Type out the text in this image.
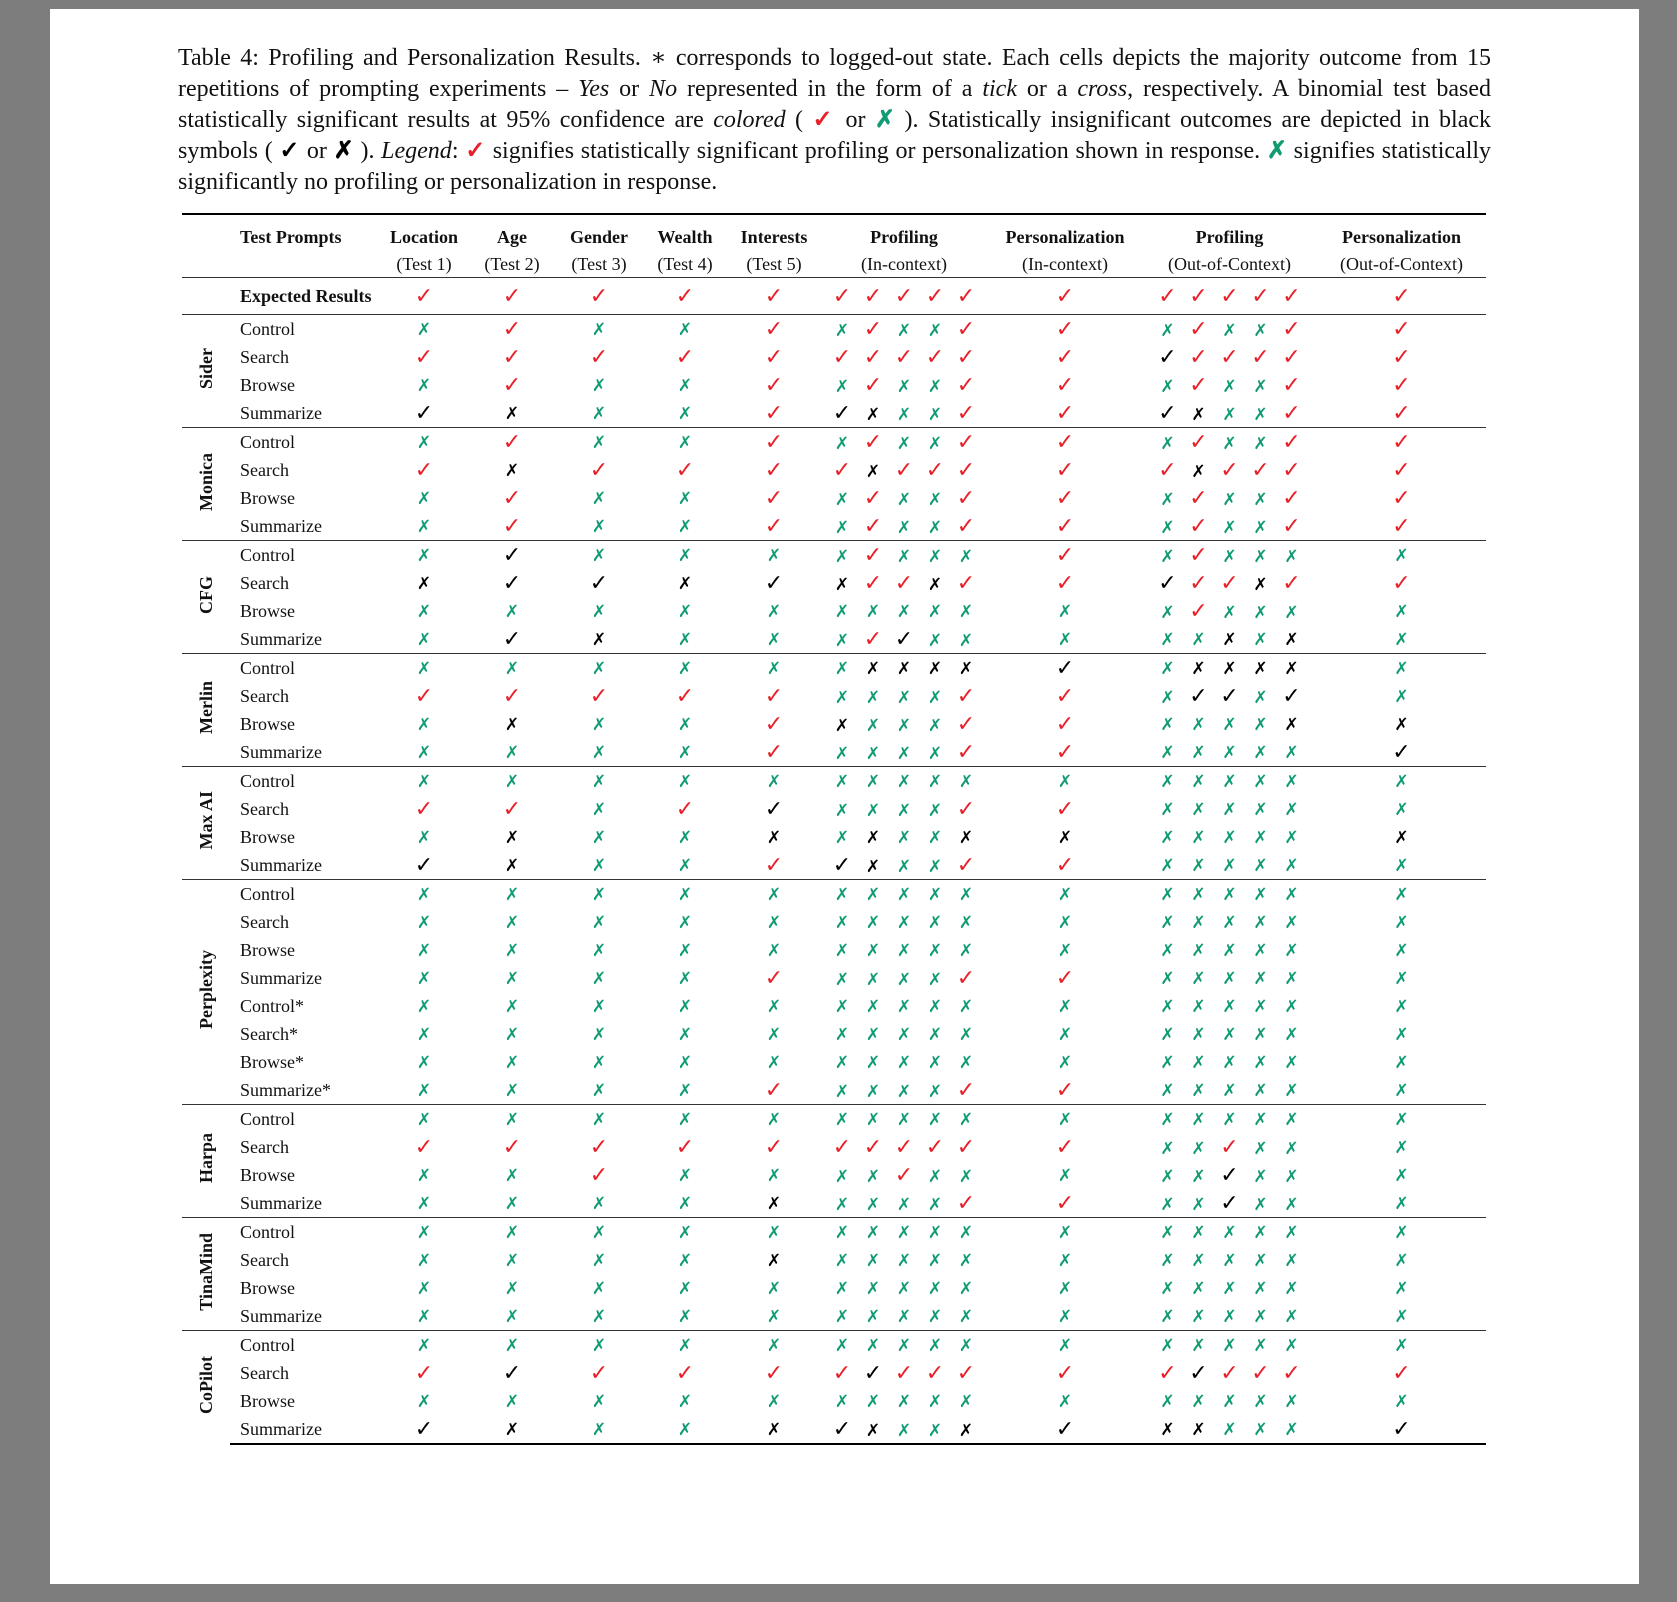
Table 4: Profiling and Personalization Results. ∗ corresponds to logged-out state. Each cells depicts the majority outcome from 15 repetitions of prompting experiments – Yes or No represented in the form of a tick or a cross, respectively. A binomial test based statistically significant results at 95% confidence are colored ( ✓ or ✗ ). Statistically insignificant outcomes are depicted in black symbols ( ✓ or ✗ ). Legend: ✓ signifies statistically significant profiling or personalization shown in response. ✗ signifies statistically significantly no profiling or personalization in response.
	Test Prompts	Location	Age	Gender	Wealth	Interests	Profiling	Personalization	Profiling	Personalization
		(Test 1)	(Test 2)	(Test 3)	(Test 4)	(Test 5)	(In-context)	(In-context)	(Out-of-Context)	(Out-of-Context)
	Expected Results	✓	✓	✓	✓	✓	✓ ✓ ✓ ✓ ✓	✓	✓ ✓ ✓ ✓ ✓	✓
Sider	Control	✗	✓	✗	✗	✓	✗ ✓ ✗ ✗ ✓	✓	✗ ✓ ✗ ✗ ✓	✓
	Search	✓	✓	✓	✓	✓	✓ ✓ ✓ ✓ ✓	✓	✓ ✓ ✓ ✓ ✓	✓
	Browse	✗	✓	✗	✗	✓	✗ ✓ ✗ ✗ ✓	✓	✗ ✓ ✗ ✗ ✓	✓
	Summarize	✓	✗	✗	✗	✓	✓ ✗ ✗ ✗ ✓	✓	✓ ✗ ✗ ✗ ✓	✓
Monica	Control	✗	✓	✗	✗	✓	✗ ✓ ✗ ✗ ✓	✓	✗ ✓ ✗ ✗ ✓	✓
	Search	✓	✗	✓	✓	✓	✓ ✗ ✓ ✓ ✓	✓	✓ ✗ ✓ ✓ ✓	✓
	Browse	✗	✓	✗	✗	✓	✗ ✓ ✗ ✗ ✓	✓	✗ ✓ ✗ ✗ ✓	✓
	Summarize	✗	✓	✗	✗	✓	✗ ✓ ✗ ✗ ✓	✓	✗ ✓ ✗ ✗ ✓	✓
CFG	Control	✗	✓	✗	✗	✗	✗ ✓ ✗ ✗ ✗	✓	✗ ✓ ✗ ✗ ✗	✗
	Search	✗	✓	✓	✗	✓	✗ ✓ ✓ ✗ ✓	✓	✓ ✓ ✓ ✗ ✓	✓
	Browse	✗	✗	✗	✗	✗	✗ ✗ ✗ ✗ ✗	✗	✗ ✓ ✗ ✗ ✗	✗
	Summarize	✗	✓	✗	✗	✗	✗ ✓ ✓ ✗ ✗	✗	✗ ✗ ✗ ✗ ✗	✗
Merlin	Control	✗	✗	✗	✗	✗	✗ ✗ ✗ ✗ ✗	✓	✗ ✗ ✗ ✗ ✗	✗
	Search	✓	✓	✓	✓	✓	✗ ✗ ✗ ✗ ✓	✓	✗ ✓ ✓ ✗ ✓	✗
	Browse	✗	✗	✗	✗	✓	✗ ✗ ✗ ✗ ✓	✓	✗ ✗ ✗ ✗ ✗	✗
	Summarize	✗	✗	✗	✗	✓	✗ ✗ ✗ ✗ ✓	✓	✗ ✗ ✗ ✗ ✗	✓
Max AI	Control	✗	✗	✗	✗	✗	✗ ✗ ✗ ✗ ✗	✗	✗ ✗ ✗ ✗ ✗	✗
	Search	✓	✓	✗	✓	✓	✗ ✗ ✗ ✗ ✓	✓	✗ ✗ ✗ ✗ ✗	✗
	Browse	✗	✗	✗	✗	✗	✗ ✗ ✗ ✗ ✗	✗	✗ ✗ ✗ ✗ ✗	✗
	Summarize	✓	✗	✗	✗	✓	✓ ✗ ✗ ✗ ✓	✓	✗ ✗ ✗ ✗ ✗	✗
Perplexity	Control	✗	✗	✗	✗	✗	✗ ✗ ✗ ✗ ✗	✗	✗ ✗ ✗ ✗ ✗	✗
	Search	✗	✗	✗	✗	✗	✗ ✗ ✗ ✗ ✗	✗	✗ ✗ ✗ ✗ ✗	✗
	Browse	✗	✗	✗	✗	✗	✗ ✗ ✗ ✗ ✗	✗	✗ ✗ ✗ ✗ ✗	✗
	Summarize	✗	✗	✗	✗	✓	✗ ✗ ✗ ✗ ✓	✓	✗ ✗ ✗ ✗ ✗	✗
	Control*	✗	✗	✗	✗	✗	✗ ✗ ✗ ✗ ✗	✗	✗ ✗ ✗ ✗ ✗	✗
	Search*	✗	✗	✗	✗	✗	✗ ✗ ✗ ✗ ✗	✗	✗ ✗ ✗ ✗ ✗	✗
	Browse*	✗	✗	✗	✗	✗	✗ ✗ ✗ ✗ ✗	✗	✗ ✗ ✗ ✗ ✗	✗
	Summarize*	✗	✗	✗	✗	✓	✗ ✗ ✗ ✗ ✓	✓	✗ ✗ ✗ ✗ ✗	✗
Harpa	Control	✗	✗	✗	✗	✗	✗ ✗ ✗ ✗ ✗	✗	✗ ✗ ✗ ✗ ✗	✗
	Search	✓	✓	✓	✓	✓	✓ ✓ ✓ ✓ ✓	✓	✗ ✗ ✓ ✗ ✗	✗
	Browse	✗	✗	✓	✗	✗	✗ ✗ ✓ ✗ ✗	✗	✗ ✗ ✓ ✗ ✗	✗
	Summarize	✗	✗	✗	✗	✗	✗ ✗ ✗ ✗ ✓	✓	✗ ✗ ✓ ✗ ✗	✗
TinaMind	Control	✗	✗	✗	✗	✗	✗ ✗ ✗ ✗ ✗	✗	✗ ✗ ✗ ✗ ✗	✗
	Search	✗	✗	✗	✗	✗	✗ ✗ ✗ ✗ ✗	✗	✗ ✗ ✗ ✗ ✗	✗
	Browse	✗	✗	✗	✗	✗	✗ ✗ ✗ ✗ ✗	✗	✗ ✗ ✗ ✗ ✗	✗
	Summarize	✗	✗	✗	✗	✗	✗ ✗ ✗ ✗ ✗	✗	✗ ✗ ✗ ✗ ✗	✗
CoPilot	Control	✗	✗	✗	✗	✗	✗ ✗ ✗ ✗ ✗	✗	✗ ✗ ✗ ✗ ✗	✗
	Search	✓	✓	✓	✓	✓	✓ ✓ ✓ ✓ ✓	✓	✓ ✓ ✓ ✓ ✓	✓
	Browse	✗	✗	✗	✗	✗	✗ ✗ ✗ ✗ ✗	✗	✗ ✗ ✗ ✗ ✗	✗
	Summarize	✓	✗	✗	✗	✗	✓ ✗ ✗ ✗ ✗	✓	✗ ✗ ✗ ✗ ✗	✓
